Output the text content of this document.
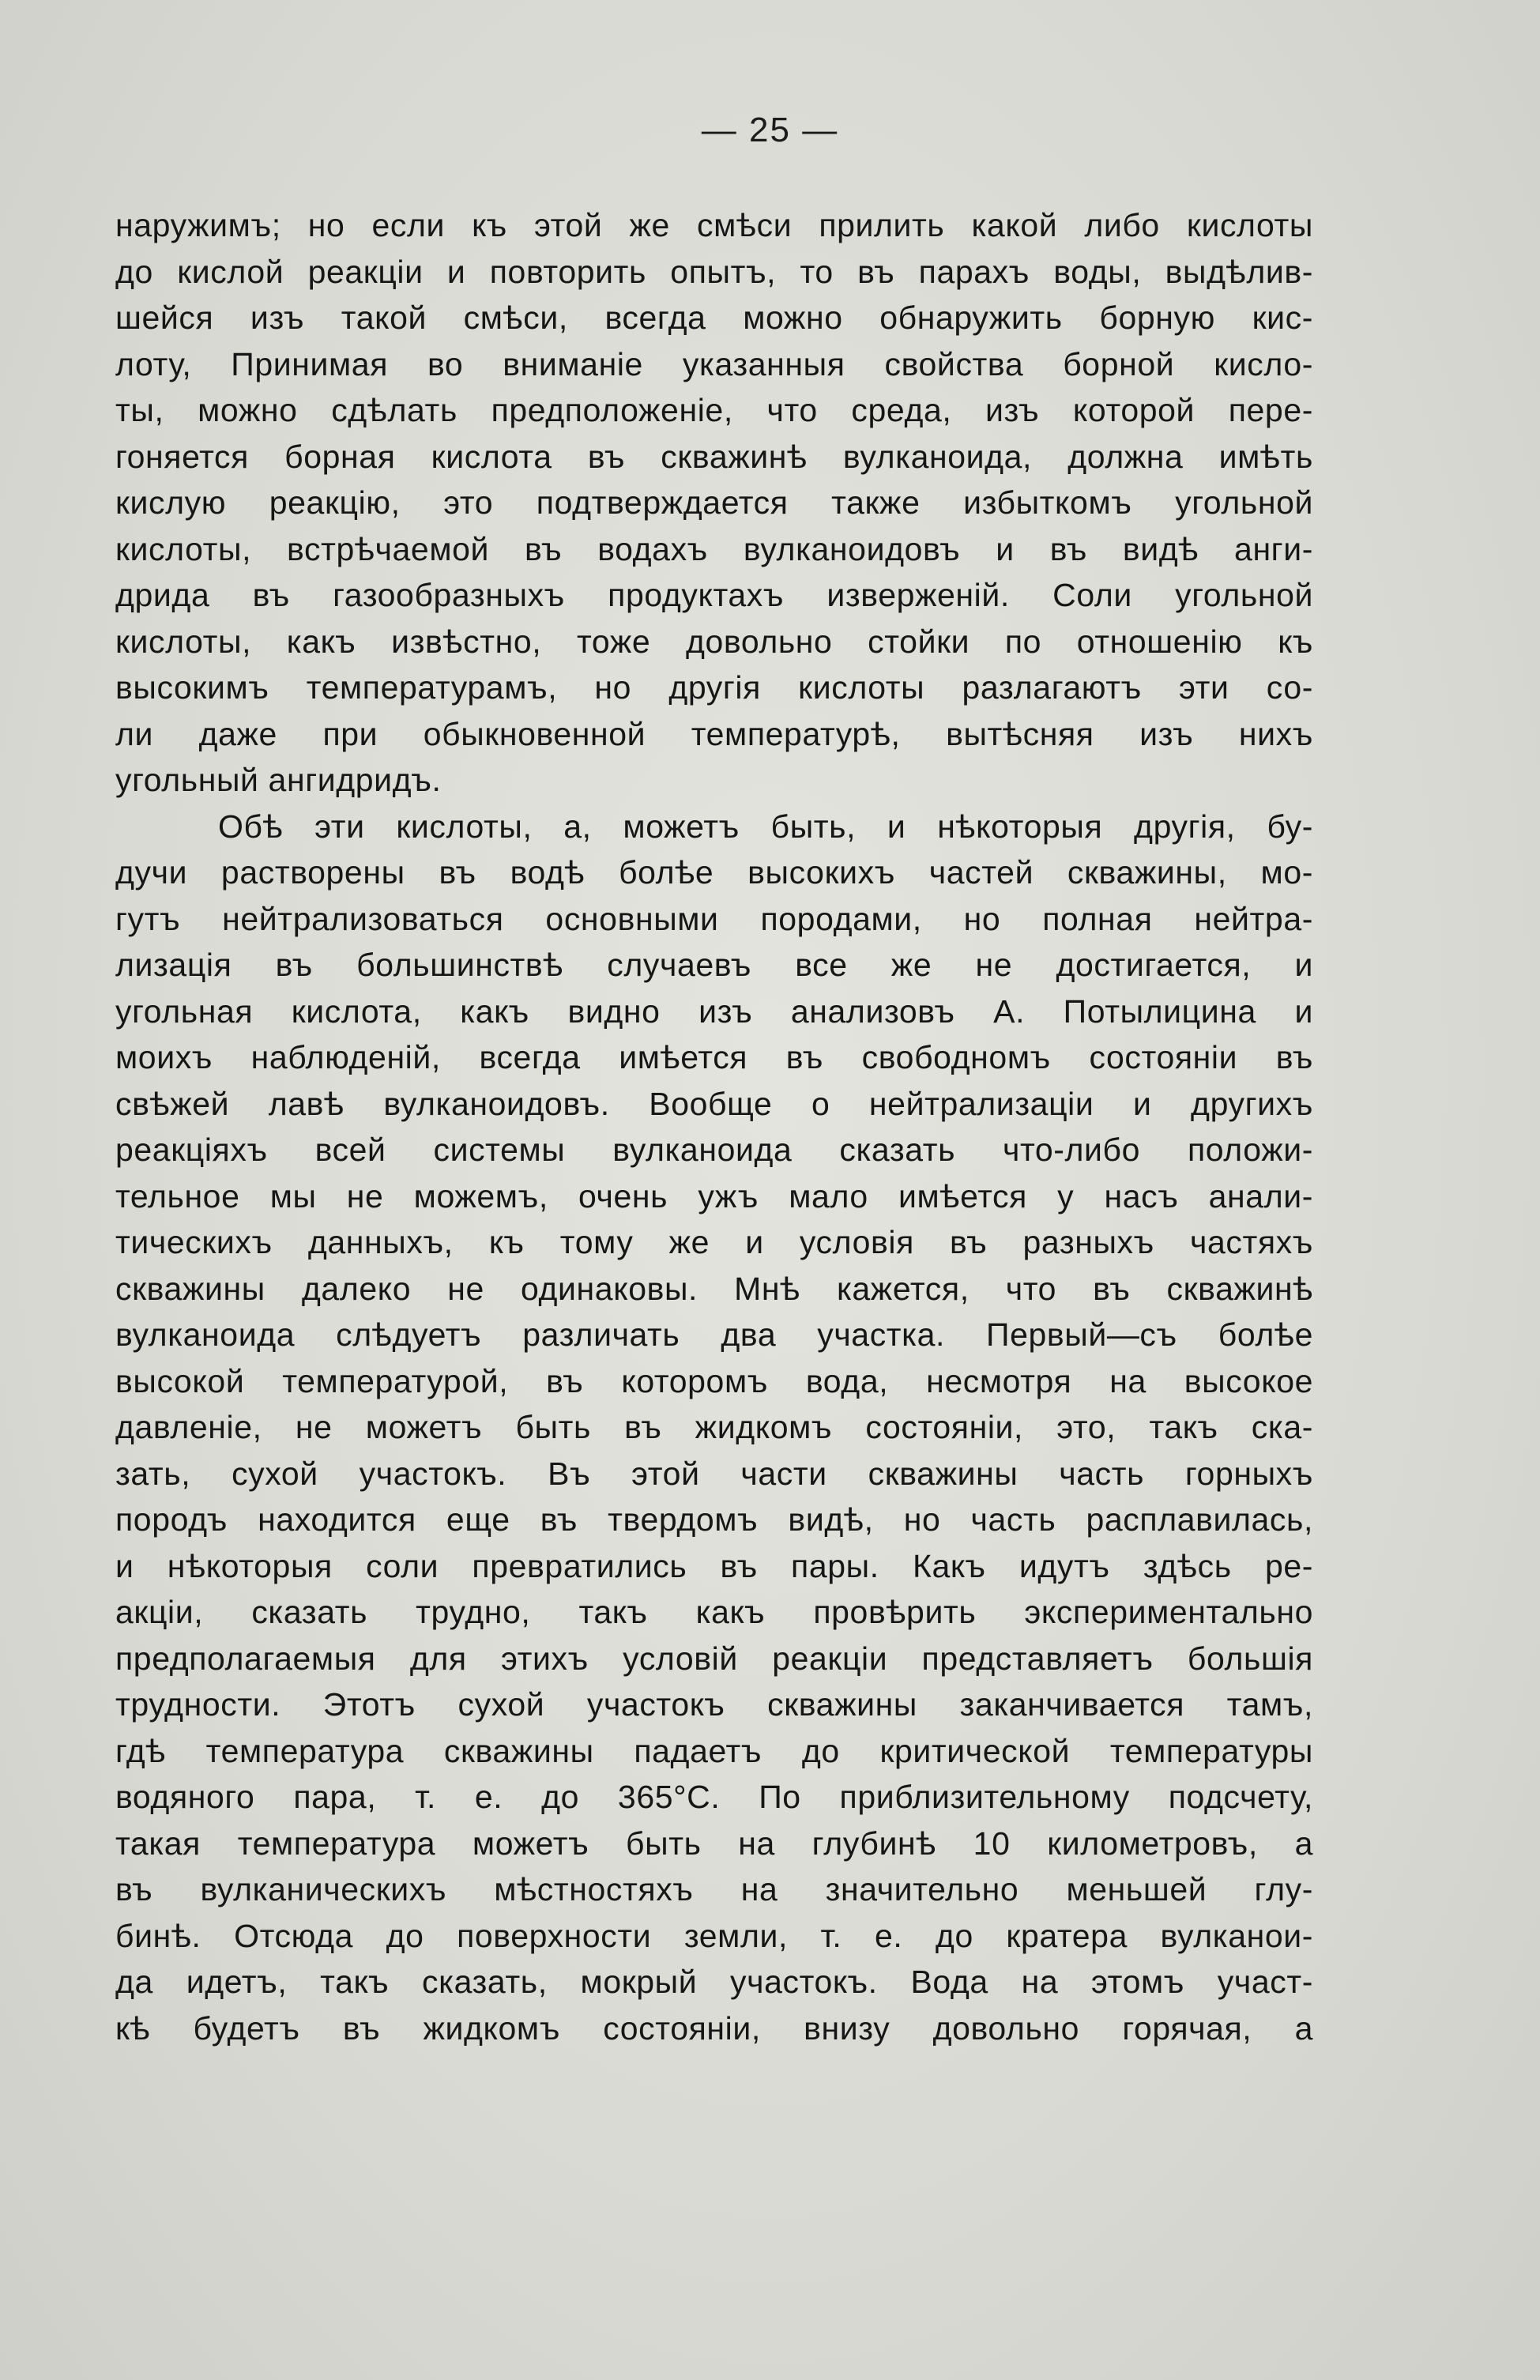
— 25 —
наружимъ; но если къ этой же смѣси прилить какой либо кислоты
до кислой реакціи и повторить опытъ, то въ парахъ воды, выдѣлив-
шейся изъ такой смѣси, всегда можно обнаружить борную кис-
лоту, Принимая во вниманіе указанныя свойства борной кисло-
ты, можно сдѣлать предположеніе, что среда, изъ которой пере-
гоняется борная кислота въ скважинѣ вулканоида, должна имѣть
кислую реакцію, это подтверждается также избыткомъ угольной
кислоты, встрѣчаемой въ водахъ вулканоидовъ и въ видѣ анги-
дрида въ газообразныхъ продуктахъ изверженій. Соли угольной
кислоты, какъ извѣстно, тоже довольно стойки по отношенію къ
высокимъ температурамъ, но другія кислоты разлагаютъ эти со-
ли даже при обыкновенной температурѣ, вытѣсняя изъ нихъ
угольный ангидридъ.
Обѣ эти кислоты, а, можетъ быть, и нѣкоторыя другія, бу-
дучи растворены въ водѣ болѣе высокихъ частей скважины, мо-
гутъ нейтрализоваться основными породами, но полная нейтра-
лизація въ большинствѣ случаевъ все же не достигается, и
угольная кислота, какъ видно изъ анализовъ А. Потылицина и
моихъ наблюденій, всегда имѣется въ свободномъ состояніи въ
свѣжей лавѣ вулканоидовъ. Вообще о нейтрализаціи и другихъ
реакціяхъ всей системы вулканоида сказать что-либо положи-
тельное мы не можемъ, очень ужъ мало имѣется у насъ анали-
тическихъ данныхъ, къ тому же и условія въ разныхъ частяхъ
скважины далеко не одинаковы. Мнѣ кажется, что въ скважинѣ
вулканоида слѣдуетъ различать два участка. Первый—съ болѣе
высокой температурой, въ которомъ вода, несмотря на высокое
давленіе, не можетъ быть въ жидкомъ состояніи, это, такъ ска-
зать, сухой участокъ. Въ этой части скважины часть горныхъ
породъ находится еще въ твердомъ видѣ, но часть расплавилась,
и нѣкоторыя соли превратились въ пары. Какъ идутъ здѣсь ре-
акціи, сказать трудно, такъ какъ провѣрить экспериментально
предполагаемыя для этихъ условій реакціи представляетъ большія
трудности. Этотъ сухой участокъ скважины заканчивается тамъ,
гдѣ температура скважины падаетъ до критической температуры
водяного пара, т. е. до 365°С. По приблизительному подсчету,
такая температура можетъ быть на глубинѣ 10 километровъ, а
въ вулканическихъ мѣстностяхъ на значительно меньшей глу-
бинѣ. Отсюда до поверхности земли, т. е. до кратера вулканои-
да идетъ, такъ сказать, мокрый участокъ. Вода на этомъ участ-
кѣ будетъ въ жидкомъ состояніи, внизу довольно горячая, а
